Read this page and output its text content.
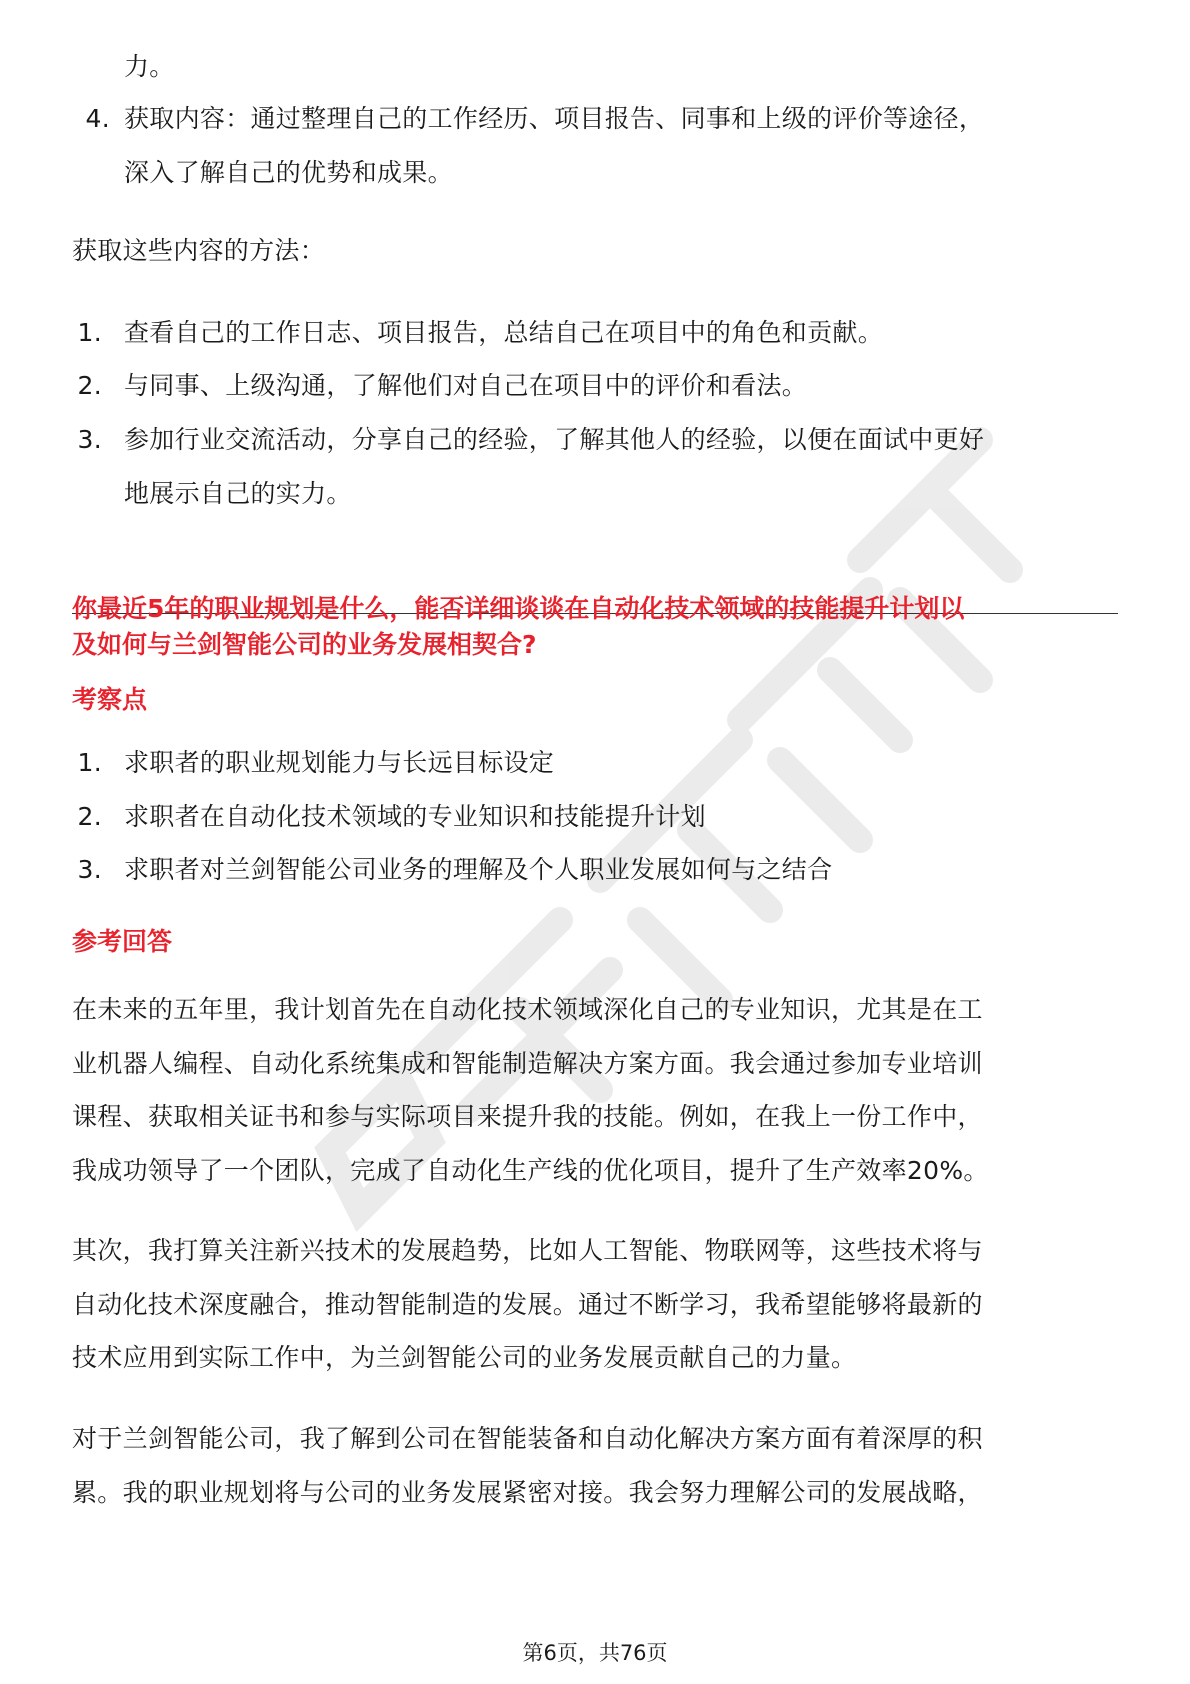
力。
4. 获取内容：通过整理自己的工作经历、项目报告、同事和上级的评价等途径，
深入了解自己的优势和成果。
获取这些内容的方法：
1. 查看自己的工作日志、项目报告，总结自己在项目中的角色和贡献。
2. 与同事、上级沟通，了解他们对自己在项目中的评价和看法。
3. 参加行业交流活动，分享自己的经验，了解其他人的经验，以便在面试中更好
地展示自己的实力。
你最近5年的职业规划是什么，能否详细谈谈在自动化技术领域的技能提升计划以
及如何与兰剑智能公司的业务发展相契合?
考察点
1. 求职者的职业规划能力与长远目标设定
2. 求职者在自动化技术领域的专业知识和技能提升计划
3. 求职者对兰剑智能公司业务的理解及个人职业发展如何与之结合
参考回答
在未来的五年里，我计划首先在自动化技术领域深化自己的专业知识，尤其是在工
业机器人编程、自动化系统集成和智能制造解决方案方面。我会通过参加专业培训
课程、获取相关证书和参与实际项目来提升我的技能。例如，在我上一份工作中，
我成功领导了一个团队，完成了自动化生产线的优化项目，提升了生产效率20%。
其次，我打算关注新兴技术的发展趋势，比如人工智能、物联网等，这些技术将与
自动化技术深度融合，推动智能制造的发展。通过不断学习，我希望能够将最新的
技术应用到实际工作中，为兰剑智能公司的业务发展贡献自己的力量。
对于兰剑智能公司，我了解到公司在智能装备和自动化解决方案方面有着深厚的积
累。我的职业规划将与公司的业务发展紧密对接。我会努力理解公司的发展战略，
第6页，共76页
